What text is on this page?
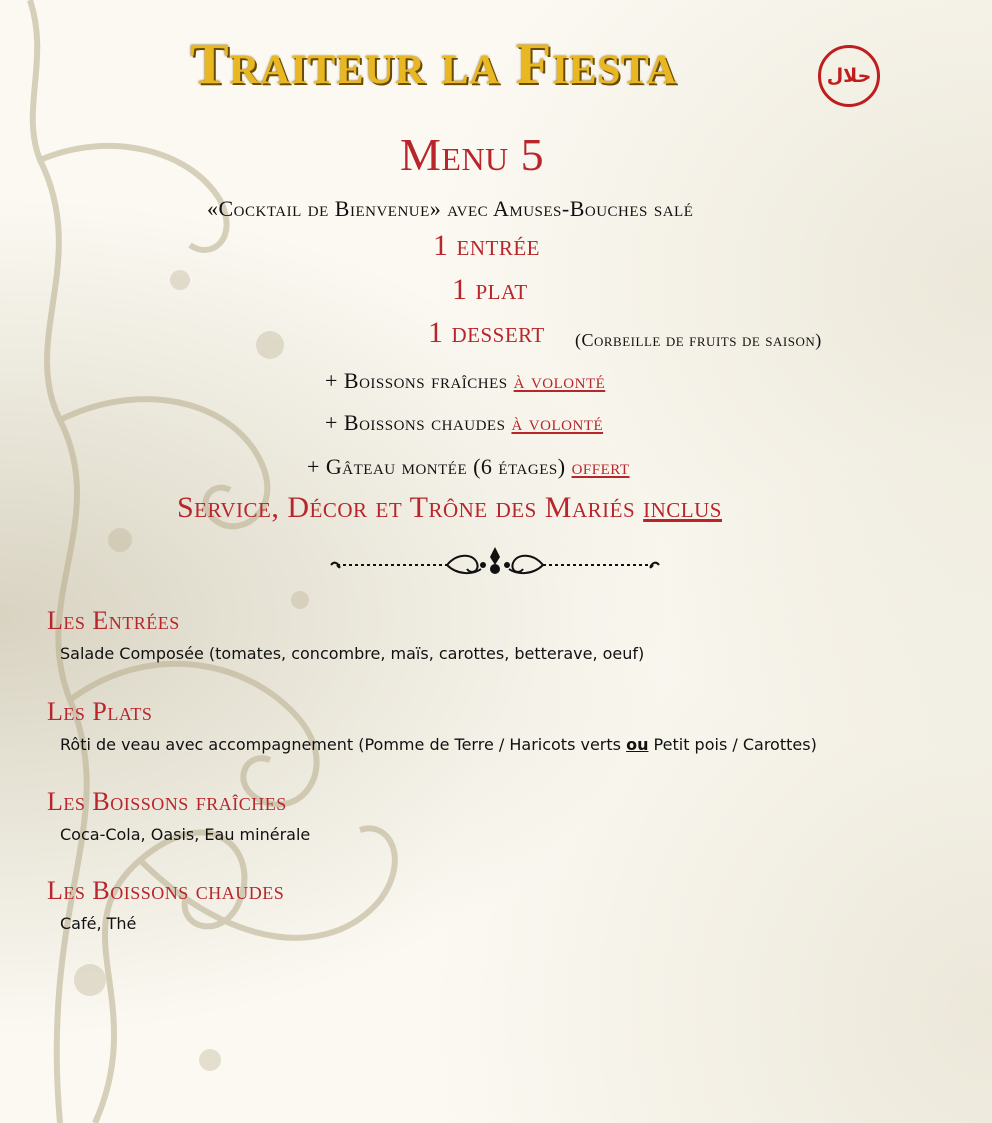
Traiteur la Fiesta	حلال
Menu 5
«Cocktail de Bienvenue» avec Amuses-Bouches salé
1 entrée
1 plat
1 dessert (Corbeille de fruits de saison)
+ Boissons fraîches à volonté
+ Boissons chaudes à volonté
+ Gâteau montée (6 étages) offert
Service, Décor et Trône des Mariés inclus
Les Entrées
Salade Composée (tomates, concombre, maïs, carottes, betterave, oeuf)
Les Plats
Rôti de veau avec accompagnement (Pomme de Terre / Haricots verts ou Petit pois / Carottes)
Les Boissons fraîches
Coca-Cola, Oasis, Eau minérale
Les Boissons chaudes
Café, Thé
